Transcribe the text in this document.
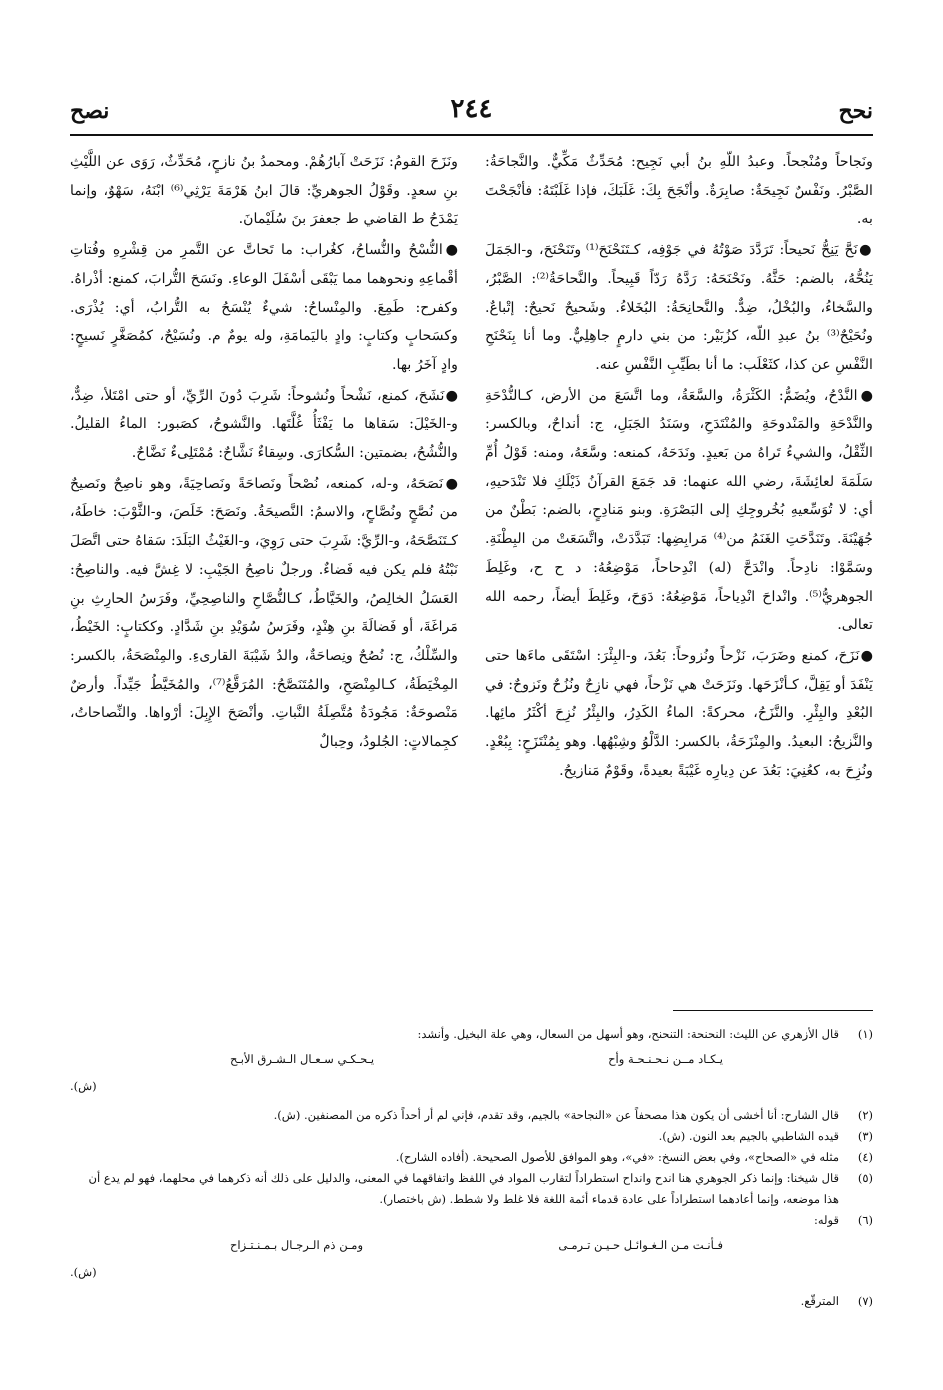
نحح
٢٤٤
نصح

ونَجاحاً ومُنْجحاً. وعبدُ اللّهِ بنُ أبي نَجِيح: مُحَدِّثٌ مَكِّيٌّ. والنَّجاحَةُ: الصَّبْرُ. ونَفْسٌ نَجِيحَةٌ: صابِرَةٌ. وأنْجَحَ بِكَ: غَلَبَكَ، فإذا غَلَبْتَهُ: فأنْجَحْتَ به.

●نَحَّ يَنِحُّ نَحيحاً: تَرَدَّدَ صَوْتُهُ في جَوْفِه، كـتَنَحْنَحَ⁽¹⁾ وتَنَحْنَحَ، و-الجَمَلَ يَنُحُّهُ، بالضم: حَثَّهُ. ونَحْنَحَهُ: رَدَّهُ رَدّاً قَبِيحاً. والنَّحاحَةُ⁽²⁾: الصَّبْرُ، والسَّخاءُ، والبُخْلُ، ضِدٌّ. والنَّحانِحَةُ: البُخَلاءُ. وشَحيحٌ نَحيحٌ: إتْباعٌ. ونُحَيْحٌ⁽³⁾ بنُ عبدِ اللّه، كزُبَيْر: من بني دارمٍ جاهِلِيٌّ. وما أنا بِنَحْنَحِ النَّفْسِ عن كذا، كثَعْلَب: ما أنا بطَيِّبِ النَّفْسِ عنه.

●النَّدْحُ، ويُضَمُّ: الكَثْرَةُ، والسَّعَةُ، وما اتَّسَعَ من الأرض، كـالنُّدْحَةِ والنَّدْحَةِ والمَنْدوحَةِ والمُنْتَدَحِ، وسَنَدُ الجَبَلِ، ج: أنداحٌ، وبالكسر: الثِّقْلُ، والشيءُ تَراهُ من بَعيدٍ. ونَدَحَهُ، كمنعه: وسَّعَهُ، ومنه: قَوْلُ أُمِّ سَلَمَةَ لعائِشَةَ، رضي الله عنهما: قد جَمَعَ القرآنُ ذَيْلَكِ فلا تَنْدَحيهِ، أي: لا تُوَسِّعيهِ بُخُروجِكِ إلى البَصْرَةِ. وبنو مَنادِحٍ، بالضم: بَطْنٌ من جُهَيْنَةَ. وتَنَدَّحَتِ الغَنَمُ من⁽⁴⁾ مَرابِضِها: تَبَدَّدَتْ، واتَّسَعَتْ من البِطْنَةِ. وسَمَّوْا: نادِحاً. وانْدَحَّ (له) انْدِحاحاً، مَوْضِعُهُ: د ح ح، وغَلِطَ الجوهريُّ⁽⁵⁾. وانْداحَ انْدِياحاً، مَوْضِعُهُ: دَوَحَ، وغَلِطَ أيضاً، رحمه الله تعالى.

●نَزَحَ، كمنع وضَرَبَ، نَزْحاً ونُزوحاً: بَعُدَ، و-البِئْرَ: اسْتَقَى ماءَها حتى يَنْفَدَ أو يَقِلَّ، كـأنْزَحَها. ونَزَحَتْ هي نَزْحاً، فهي نازِحٌ ونُزُحٌ ونَزوحٌ: في البُعْدِ والبِئْرِ. والنَّزَحُ، محركةً: الماءُ الكَدِرُ، والبِئْرُ نُزِحَ أكْثَرُ مائِها. والنَّزيحُ: البعيدُ. والمِنْزَحَةُ، بالكسر: الدَّلْوُ وشِبْهُها. وهو بِمُنْتَزَحٍ: بِبُعْدٍ. ونُزِحَ به، كعُنِيَ: بَعُدَ عن دِيارِه غَيْبَةً بعيدةً، وقَوْمٌ مَنازيحُ.

ونَزَحَ القومُ: نَزَحَتْ آبارُهُمْ. ومحمدُ بنُ نازحٍ، مُحَدِّثٌ، رَوَى عن اللَّيْثِ بنِ سعدٍ. وقَوْلُ الجوهريِّ: قالَ ابنُ هَرْمَةَ يَرْثِي⁽⁶⁾ ابْنَهُ، سَهْوٌ، وإنما يَمْدَحُ ط القاضي ط جعفرَ بنَ سُلَيْمانَ.

●النُّسْحُ والنُّساحُ، كغُراب: ما تَحاتَّ عن التَّمرِ من قِشْرِهِ وفُتاتِ أقْماعِهِ ونحوهما مما يَبْقَى أسْفَلَ الوعاءِ. ونَسَحَ التُّرابَ، كمنع: أذْراهُ. وكفرح: طَمِعَ. والمِنْساحُ: شيءٌ يُنْسَحُ به التُّرابُ، أي: يُذْرَى. وكسَحابٍ وكتابٍ: وادٍ باليَمامَةِ، وله يومٌ م. ونُسَيْحٌ، كمُصَغَّرٍ نَسيحٍ: وادٍ آخَرُ بها.

●نَشَحَ، كمنع، نَشْحاً ونُشوحاً: شَرِبَ دُونَ الرِّيِّ، أو حتى امْتَلأ، ضِدٌّ، و-الخَيْلَ: سَقاها ما يَفْثَأُ غُلَّتَها. والنَّشوحُ، كصَبور: الماءُ القليلُ. والنُّشُحُ، بضمتين: السُّكارَى. وسِقاءٌ نَشَّاحٌ: مُمْتَلِىءٌ نَضَّاحٌ.

●نَصَحَهُ، و-له، كمنعه، نُصْحاً ونَصاحَةً ونَصاحِيَةً، وهو ناصِحٌ ونَصيحٌ من نُصَّحٍ ونُصَّاحٍ، والاسمُ: النَّصيحَةُ. ونَصَحَ: خَلَصَ، و-الثَّوْبَ: خاطَهُ، كـتَنَصَّحَهُ، و-الرِّيَّ: شَرِبَ حتى رَوِيَ، و-الغَيْثُ البَلَدَ: سَقاهُ حتى اتَّصَلَ نَبْتُهُ فلم يكن فيه فَضاءٌ. ورجلٌ ناصِحُ الجَيْبِ: لا غِشَّ فيه. والناصِحُ: العَسَلُ الخالِصُ، والخَيَّاطُ، كـالنُّصَّاحِ والناصِحِيِّ، وفَرَسُ الحارِثِ بنِ مَراغَةَ، أو فَضالَةَ بنِ هِنْدٍ، وفَرَسُ سُوَيْدِ بنِ شَدَّادٍ. وككتابٍ: الخَيْطُ، والسِّلْكُ، ج: نُصُحٌ ونِصاحَةٌ، والدُ شَيْبَةَ القارىءِ. والمِنْصَحَةُ، بالكسر: المِخْيَطَةُ، كـالمِنْصَحِ، والمُتَنَصَّحُ: المُرَقَّعُ⁽⁷⁾، والمُخَيَّطُ جَيِّداً. وأرضٌ مَنْصوحَةٌ: مَجُودَةٌ مُتَّصِلَةُ النَّباتِ. وأنْصَحَ الإِبِلَ: أرْواها. والنِّصاحاتُ، كجِمالاتٍ: الجُلودُ، وحِبالٌ

(١)
قال الأزهري عن الليث: النحنحة: التنحنح، وهو أسهل من السعال، وهي علة البخيل. وأنشد:
يـكـاد مــن نـحـنـحـة وأح
يـحـكـي سـعـال الـشـرق الأبـح
(ش).
(٢)
قال الشارح: أنا أخشى أن يكون هذا مصحفاً عن «النجاحة» بالجيم، وقد تقدم، فإني لم أر أحداً ذكره من المصنفين. (ش).
(٣)
قيده الشاطبي بالجيم بعد النون. (ش).
(٤)
مثله في «الصحاح»، وفي بعض النسخ: «في»، وهو الموافق للأصول الصحيحة. (أفاده الشارح).
(٥)
قال شيخنا: وإنما ذكر الجوهري هنا اندح وانداح استطراداً لتقارب المواد في اللفظ واتفاقهما في المعنى، والدليل على ذلك أنه ذكرهما في محلهما، فهو لم يدع أن هذا موضعه، وإنما أعادهما استطراداً على عادة قدماء أئمة اللغة فلا غلط ولا شطط. (ش باختصار).
(٦)
قوله:
فـأنـت مـن الـغـوائـل حـيـن تـرمـى
ومـن ذم الـرجـال بـمـنـتـزاح
(ش).
(٧)
المترقّع.
